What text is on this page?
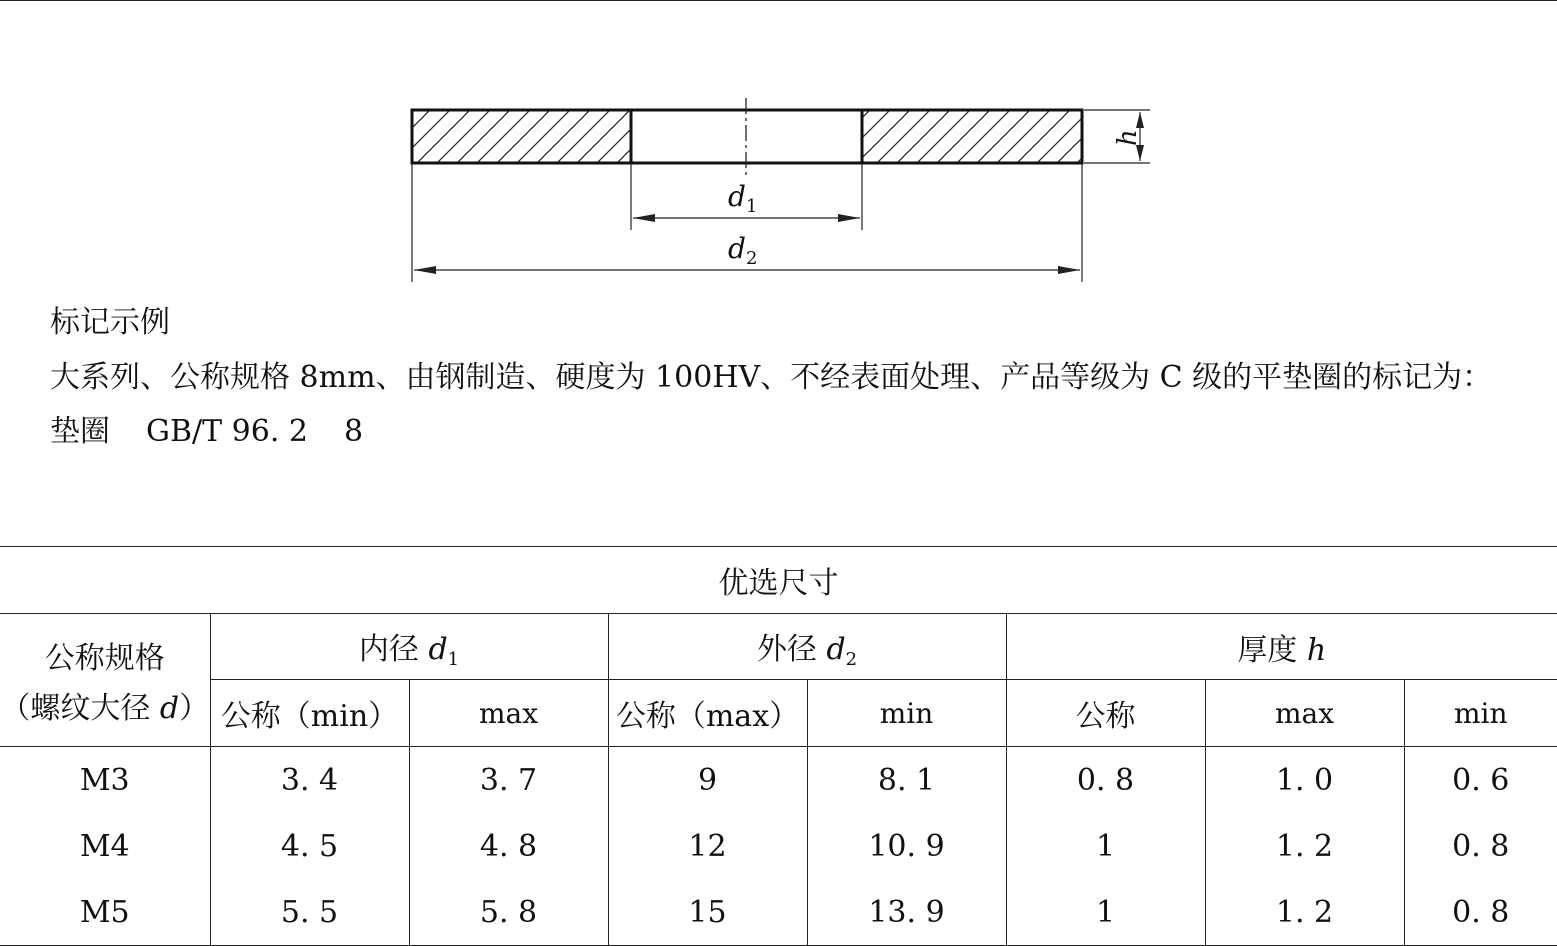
$d_1$
$d_2$
h
标记示例
大系列、公称规格 8mm、由钢制造、硬度为 100HV、不经表面处理、产品等级为 C 级的平垫圈的标记为：
垫圈 GB/T 96. 2 8
优选尺寸							

公称规格
（螺纹大径 d）	内径 $d_1$		外径 $d_2$		厚度 h		
	公称（min）	max	公称（max）	min	公称	max	min
M3	3. 4	3. 7	9	8. 1	0. 8	1. 0	0. 6
M4	4. 5	4. 8	12	10. 9	1	1. 2	0. 8
M5	5. 5	5. 8	15	13. 9	1	1. 2	0. 8
